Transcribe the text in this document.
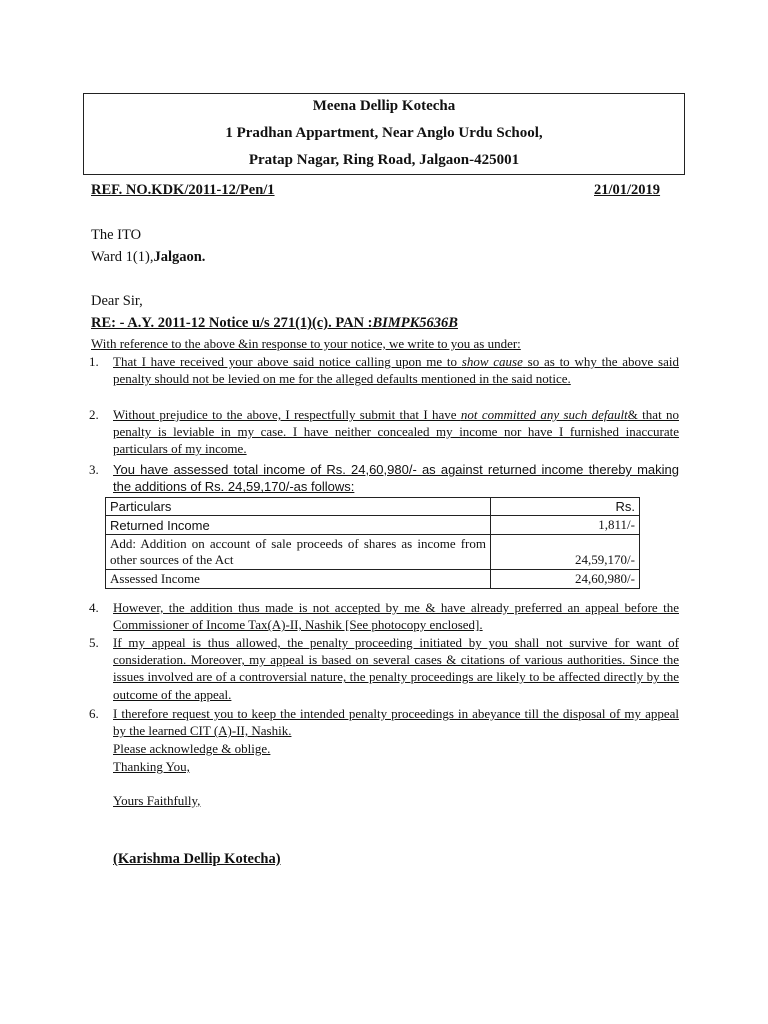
Meena Dellip Kotecha
1 Pradhan Appartment, Near Anglo Urdu School,
Pratap Nagar, Ring Road, Jalgaon-425001
REF. NO.KDK/2011-12/Pen/1	21/01/2019
The ITO
Ward 1(1),Jalgaon.
Dear Sir,
RE: - A.Y. 2011-12 Notice u/s 271(1)(c). PAN :BIMPK5636B
With reference to the above &in response to your notice, we write to you as under:
1. That I have received your above said notice calling upon me to show cause so as to why the above said penalty should not be levied on me for the alleged defaults mentioned in the said notice.
2. Without prejudice to the above, I respectfully submit that I have not committed any such default& that no penalty is leviable in my case. I have neither concealed my income nor have I furnished inaccurate particulars of my income.
3. You have assessed total income of Rs. 24,60,980/- as against returned income thereby making the additions of Rs. 24,59,170/-as follows:
Particulars	Rs.
Returned Income	1,811/-
Add: Addition on account of sale proceeds of shares as income from other sources of the Act	24,59,170/-
Assessed Income	24,60,980/-
4. However, the addition thus made is not accepted by me & have already preferred an appeal before the Commissioner of Income Tax(A)-II, Nashik [See photocopy enclosed].
5. If my appeal is thus allowed, the penalty proceeding initiated by you shall not survive for want of consideration. Moreover, my appeal is based on several cases & citations of various authorities. Since the issues involved are of a controversial nature, the penalty proceedings are likely to be affected directly by the outcome of the appeal.
6. I therefore request you to keep the intended penalty proceedings in abeyance till the disposal of my appeal by the learned CIT (A)-II, Nashik.
Please acknowledge & oblige.
Thanking You,
Yours Faithfully,
(Karishma Dellip Kotecha)
